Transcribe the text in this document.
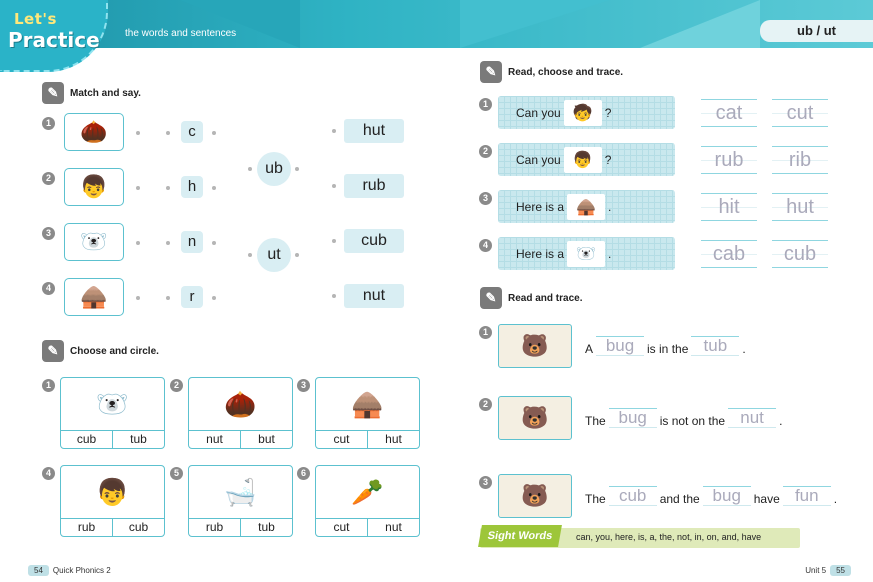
the words and sentences
Let's
Practice	ub / ut
✎	Match and say.
1	🌰	c	hut
2	👦	h	rub
3	🐻‍❄️	n	cub
4	🛖	r	nut
ub
ut
✎	Choose and circle.
1
🐻‍❄️
cub	tub
2
🌰
nut	but
3
🛖
cut	hut
4
👦
rub	cub
5
🛁
rub	tub
6
🥕
cut	nut
✎	Read, choose and trace.
1
Can you 🧒	?	cat	cut
2
Can you 👦	?	rub	rib
3
Here is a 🛖	.	hit	hut
4
Here is a 🐻‍❄️	.	cab	cub
✎	Read and trace.
1
🐻	A bug	is in the tub	.
2
🐻	The bug	is not on the nut	.
3
🐻	The cub	and the bug	have fun	.
Sight Words	can, you, here, is, a, the, not, in, on, and, have
54 Quick Phonics 2	Unit 5 55
